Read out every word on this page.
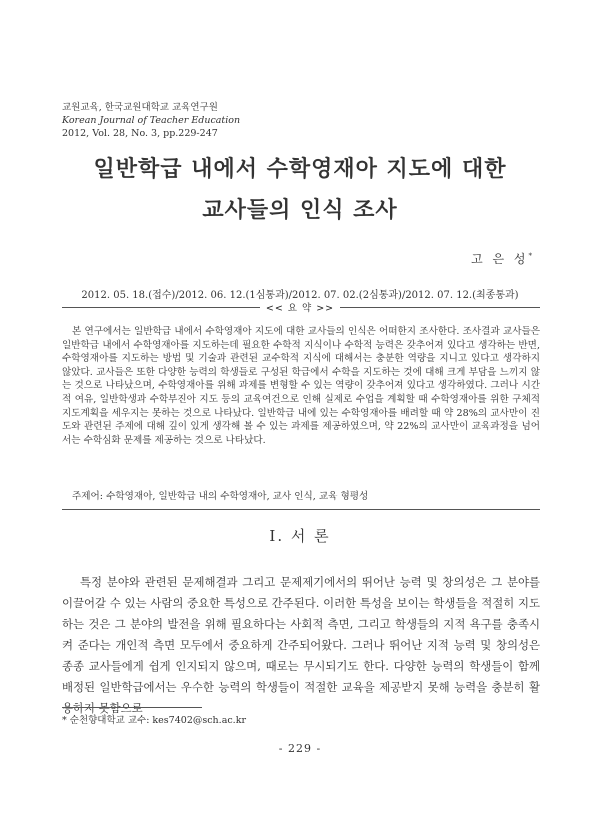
교원교육, 한국교원대학교 교육연구원
Korean Journal of Teacher Education
2012, Vol. 28, No. 3, pp.229-247
일반학급 내에서 수학영재아 지도에 대한
교사들의 인식 조사
고 은 성*
2012. 05. 18.(접수)/2012. 06. 12.(1심통과)/2012. 07. 02.(2심통과)/2012. 07. 12.(최종통과)
<< 요 약 >>
본 연구에서는 일반학급 내에서 수학영재아 지도에 대한 교사들의 인식은 어떠한지 조사한다. 조사결과 교사들은 일반학급 내에서 수학영재아를 지도하는데 필요한 수학적 지식이나 수학적 능력은 갖추어져 있다고 생각하는 반면, 수학영재아를 지도하는 방법 및 기술과 관련된 교수학적 지식에 대해서는 충분한 역량을 지니고 있다고 생각하지 않았다. 교사들은 또한 다양한 능력의 학생들로 구성된 학급에서 수학을 지도하는 것에 대해 크게 부담을 느끼지 않는 것으로 나타났으며, 수학영재아를 위해 과제를 변형할 수 있는 역량이 갖추어져 있다고 생각하였다. 그러나 시간적 여유, 일반학생과 수학부진아 지도 등의 교육여건으로 인해 실제로 수업을 계획할 때 수학영재아를 위한 구체적 지도계획을 세우지는 못하는 것으로 나타났다. 일반학급 내에 있는 수학영재아를 배려할 때 약 28%의 교사만이 진도와 관련된 주제에 대해 깊이 있게 생각해 볼 수 있는 과제를 제공하였으며, 약 22%의 교사만이 교육과정을 넘어서는 수학심화 문제를 제공하는 것으로 나타났다.
주제어: 수학영재아, 일반학급 내의 수학영재아, 교사 인식, 교육 형평성
Ⅰ. 서 론
특정 분야와 관련된 문제해결과 그리고 문제제기에서의 뛰어난 능력 및 창의성은 그 분야를 이끌어갈 수 있는 사람의 중요한 특성으로 간주된다. 이러한 특성을 보이는 학생들을 적절히 지도하는 것은 그 분야의 발전을 위해 필요하다는 사회적 측면, 그리고 학생들의 지적 욕구를 충족시켜 준다는 개인적 측면 모두에서 중요하게 간주되어왔다. 그러나 뛰어난 지적 능력 및 창의성은 종종 교사들에게 쉽게 인지되지 않으며, 때로는 무시되기도 한다. 다양한 능력의 학생들이 함께 배정된 일반학급에서는 우수한 능력의 학생들이 적절한 교육을 제공받지 못해 능력을 충분히 활용하지 못함으로
* 순천향대학교 교수: kes7402@sch.ac.kr
- 229 -
